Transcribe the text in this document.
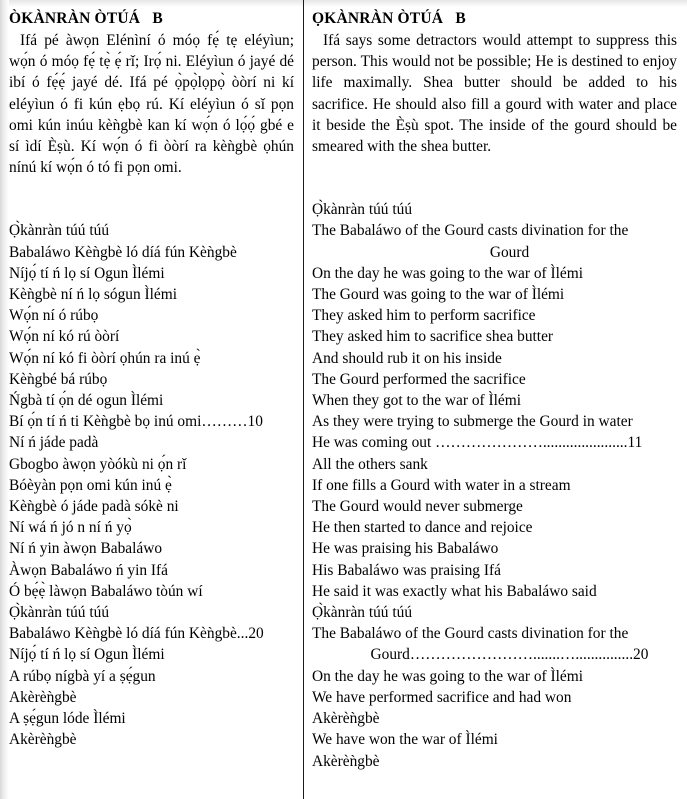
ÒKÀNRÀN ÒTÚÁ   B

Ifá pé àwọn Elénìní ó móọ fẹ́ tẹ eléyìun; wọ́n ó móọ fẹ́ tẹ̀ ẹ́ rǐ; Irọ́ ni. Eléyìun ó jayé dé ibí ó fẹ́ẹ́ jayé dé. Ifá pé ọ̀pọ̀lọpọ̀ òòrí ni kí eléyìun ó fi kún ẹbọ rú. Kí eléyìun ó sǐ pọn omi kún inúu kèǹgbè kan kí wọ́n ó lọ́ọ́ gbé e sí ìdí Èṣù. Kí wọ́n ó fi òòrí ra kèǹgbè ọhún nínú kí wọ́n ó tó fi pọn omi.

Ọ̀kànràn túú túú
Babaláwo Kèǹgbè ló díá fún Kèǹgbè
Níjọ́ tí ń lọ sí Ogun Ìlémi
Kèǹgbè ní ń lọ sógun Ìlémi
Wọ́n ní ó rúbọ
Wọ́n ní kó rú òòrí
Wọ́n ní kó fi òòrí ọhún ra inú ẹ̀
Kèǹgbé bá rúbọ
Ńgbà tí ọ́n dé ogun Ìlémi
Bí ọ́n tí ń ti Kèǹgbè bọ inú omi………10
Ní ń jáde padà
Gbogbo àwọn yòókù ni ọ́n rǐ
Bóèyàn pọn omi kún inú ẹ̀
Kèǹgbè ó jáde padà sókè ni
Ní wá ń jó n ní ń yọ̀
Ní ń yin àwọn Babaláwo
Àwọn Babaláwo ń yin Ifá
Ó bẹ́ẹ̀ làwọn Babaláwo tòún wí
Ọ̀kànràn túú túú
Babaláwo Kèǹgbè ló díá fún Kèǹgbè...20
Níjọ́ tí ń lọ sí Ogun Ìlémi
A rúbọ nígbà yí a ṣẹ́gun
Akèrèǹgbè
A ṣẹ́gun lóde Ìlémi
Akèrèǹgbè
ỌKÀNRÀN ÒTÚÁ   B

Ifá says some detractors would attempt to suppress this person. This would not be possible; He is destined to enjoy life maximally. Shea butter should be added to his sacrifice. He should also fill a gourd with water and place it beside the Èṣù spot. The inside of the gourd should be smeared with the shea butter.

Ọ̀kànràn túú túú
The Babaláwo of the Gourd casts divination for the
Gourd
On the day he was going to the war of Ìlémi
The Gourd was going to the war of Ìlémi
They asked him to perform sacrifice
They asked him to sacrifice shea butter
And should rub it on his inside
The Gourd performed the sacrifice
When they got to the war of Ìlémi
As they were trying to submerge the Gourd in water
He was coming out …………………......................11
All the others sank
If one fills a Gourd with water in a stream
The Gourd would never submerge
He then started to dance and rejoice
He was praising his Babaláwo
His Babaláwo was praising Ifá
He said it was exactly what his Babaláwo said
Ọ̀kànràn túú túú
The Babaláwo of the Gourd casts divination for the
Gourd…………………….......…...............20
On the day he was going to the war of Ìlémi
We have performed sacrifice and had won
Akèrèǹgbè
We have won the war of Ìlémi
Akèrèǹgbè
